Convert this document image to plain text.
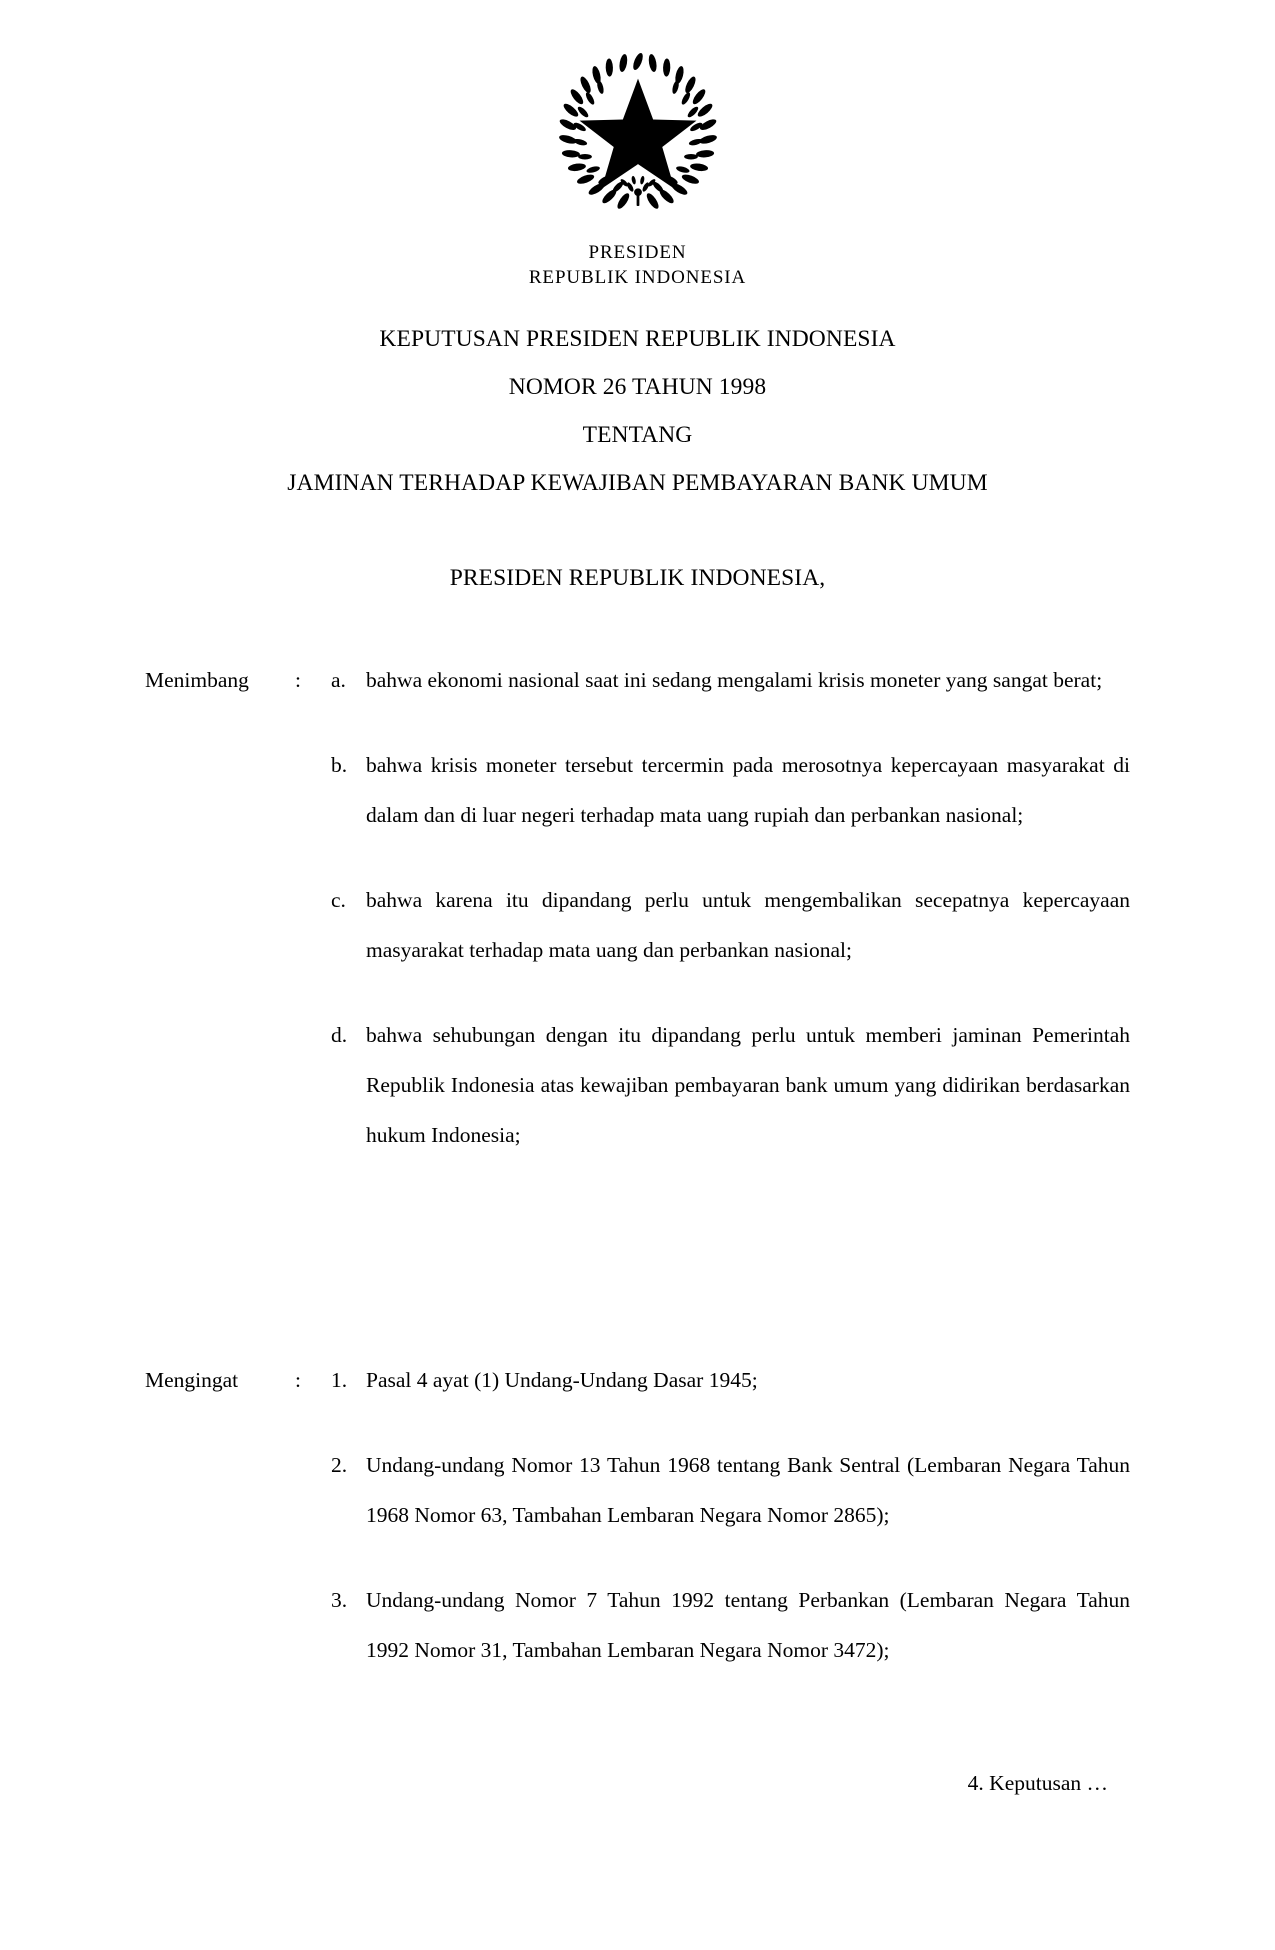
PRESIDEN
REPUBLIK INDONESIA
KEPUTUSAN PRESIDEN REPUBLIK INDONESIA
NOMOR 26 TAHUN 1998
TENTANG
JAMINAN TERHADAP KEWAJIBAN PEMBAYARAN BANK UMUM
PRESIDEN REPUBLIK INDONESIA,
Menimbang	:	a. bahwa ekonomi nasional saat ini sedang mengalami krisis moneter yang sangat berat;
b. bahwa krisis moneter tersebut tercermin pada merosotnya kepercayaan masyarakat di dalam dan di luar negeri terhadap mata uang rupiah dan perbankan nasional;
c. bahwa karena itu dipandang perlu untuk mengembalikan secepatnya kepercayaan masyarakat terhadap mata uang dan perbankan nasional;
d. bahwa sehubungan dengan itu dipandang perlu untuk memberi jaminan Pemerintah Republik Indonesia atas kewajiban pembayaran bank umum yang didirikan berdasarkan hukum Indonesia;
Mengingat	:	1. Pasal 4 ayat (1) Undang-Undang Dasar 1945;
2. Undang-undang Nomor 13 Tahun 1968 tentang Bank Sentral (Lembaran Negara Tahun 1968 Nomor 63, Tambahan Lembaran Negara Nomor 2865);
3. Undang-undang Nomor 7 Tahun 1992 tentang Perbankan (Lembaran Negara Tahun 1992 Nomor 31, Tambahan Lembaran Negara Nomor 3472);
4. Keputusan …
